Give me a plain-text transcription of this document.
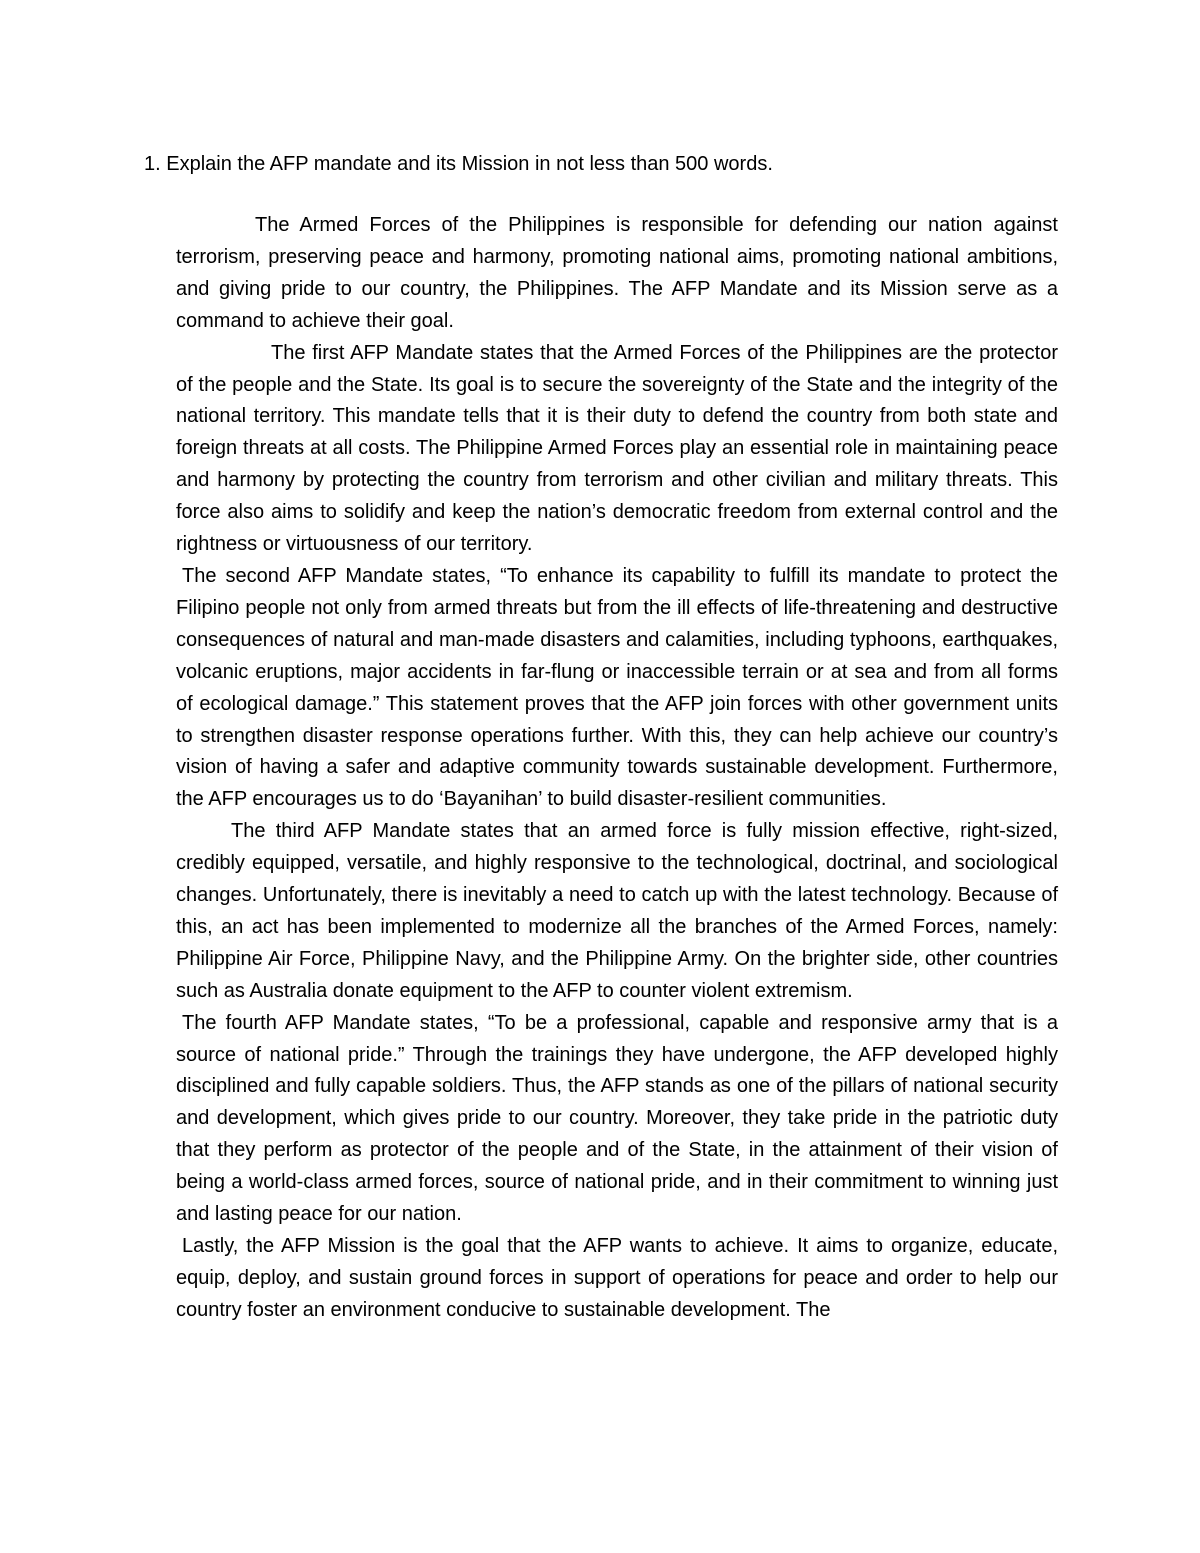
1. Explain the AFP mandate and its Mission in not less than 500 words.

The Armed Forces of the Philippines is responsible for defending our nation against terrorism, preserving peace and harmony, promoting national aims, promoting national ambitions, and giving pride to our country, the Philippines. The AFP Mandate and its Mission serve as a command to achieve their goal.

The first AFP Mandate states that the Armed Forces of the Philippines are the protector of the people and the State. Its goal is to secure the sovereignty of the State and the integrity of the national territory. This mandate tells that it is their duty to defend the country from both state and foreign threats at all costs. The Philippine Armed Forces play an essential role in maintaining peace and harmony by protecting the country from terrorism and other civilian and military threats. This force also aims to solidify and keep the nation’s democratic freedom from external control and the rightness or virtuousness of our territory.

The second AFP Mandate states, “To enhance its capability to fulfill its mandate to protect the Filipino people not only from armed threats but from the ill effects of life-threatening and destructive consequences of natural and man-made disasters and calamities, including typhoons, earthquakes, volcanic eruptions, major accidents in far-flung or inaccessible terrain or at sea and from all forms of ecological damage.” This statement proves that the AFP join forces with other government units to strengthen disaster response operations further. With this, they can help achieve our country’s vision of having a safer and adaptive community towards sustainable development. Furthermore, the AFP encourages us to do ‘Bayanihan’ to build disaster-resilient communities.

The third AFP Mandate states that an armed force is fully mission effective, right-sized, credibly equipped, versatile, and highly responsive to the technological, doctrinal, and sociological changes. Unfortunately, there is inevitably a need to catch up with the latest technology. Because of this, an act has been implemented to modernize all the branches of the Armed Forces, namely: Philippine Air Force, Philippine Navy, and the Philippine Army. On the brighter side, other countries such as Australia donate equipment to the AFP to counter violent extremism.

The fourth AFP Mandate states, “To be a professional, capable and responsive army that is a source of national pride.” Through the trainings they have undergone, the AFP developed highly disciplined and fully capable soldiers. Thus, the AFP stands as one of the pillars of national security and development, which gives pride to our country. Moreover, they take pride in the patriotic duty that they perform as protector of the people and of the State, in the attainment of their vision of being a world-class armed forces, source of national pride, and in their commitment to winning just and lasting peace for our nation.

Lastly, the AFP Mission is the goal that the AFP wants to achieve. It aims to organize, educate, equip, deploy, and sustain ground forces in support of operations for peace and order to help our country foster an environment conducive to sustainable development. The
